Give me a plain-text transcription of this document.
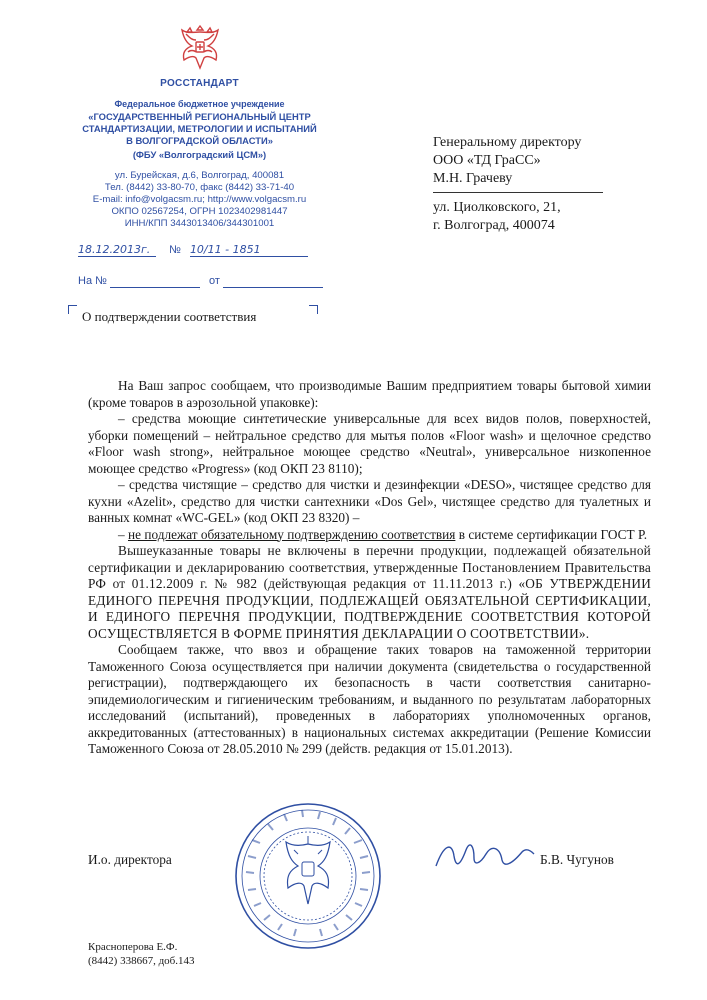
РОССТАНДАРТ
Федеральное бюджетное учреждение
«ГОСУДАРСТВЕННЫЙ РЕГИОНАЛЬНЫЙ ЦЕНТР
СТАНДАРТИЗАЦИИ, МЕТРОЛОГИИ И ИСПЫТАНИЙ
В ВОЛГОГРАДСКОЙ ОБЛАСТИ»
(ФБУ «Волгоградский ЦСМ»)
ул. Бурейская, д.6, Волгоград, 400081
Тел. (8442) 33-80-70, факс (8442) 33-71-40
E-mail: info@volgacsm.ru; http://www.volgacsm.ru
ОКПО 02567254, ОГРН 1023402981447
ИНН/КПП 3443013406/344301001
18.12.2013г. № 10/11 - 1851
На №	от
О подтверждении соответствия
Генеральному директору
ООО «ТД ГраСС»
М.Н. Грачеву
ул. Циолковского, 21,
г. Волгоград, 400074

На Ваш запрос сообщаем, что производимые Вашим предприятием товары бытовой химии (кроме товаров в аэрозольной упаковке):

– средства моющие синтетические универсальные для всех видов полов, поверхностей, уборки помещений – нейтральное средство для мытья полов «Floor wash» и щелочное средство «Floor wash strong», нейтральное моющее средство «Neutral», универсальное низкопенное моющее средство «Progress» (код ОКП 23 8110);

– средства чистящие – средство для чистки и дезинфекции «DESO», чистящее средство для кухни «Azelit», средство для чистки сантехники «Dos Gel», чистящее средство для туалетных и ванных комнат «WC-GEL» (код ОКП 23 8320) –

– не подлежат обязательному подтверждению соответствия в системе сертификации ГОСТ Р.

Вышеуказанные товары не включены в перечни продукции, подлежащей обязательной сертификации и декларированию соответствия, утвержденные Постановлением Правительства РФ от 01.12.2009 г. № 982 (действующая редакция от 11.11.2013 г.) «ОБ УТВЕРЖДЕНИИ ЕДИНОГО ПЕРЕЧНЯ ПРОДУКЦИИ, ПОДЛЕЖАЩЕЙ ОБЯЗАТЕЛЬНОЙ СЕРТИФИКАЦИИ, И ЕДИНОГО ПЕРЕЧНЯ ПРОДУКЦИИ, ПОДТВЕРЖДЕНИЕ СООТВЕТСТВИЯ КОТОРОЙ ОСУЩЕСТВЛЯЕТСЯ В ФОРМЕ ПРИНЯТИЯ ДЕКЛАРАЦИИ О СООТВЕТСТВИИ».

Сообщаем также, что ввоз и обращение таких товаров на таможенной территории Таможенного Союза осуществляется при наличии документа (свидетельства о государственной регистрации), подтверждающего их безопасность в части соответствия санитарно-эпидемиологическим и гигиеническим требованиям, и выданного по результатам лабораторных исследований (испытаний), проведенных в лабораториях уполномоченных органов, аккредитованных (аттестованных) в национальных системах аккредитации (Решение Комиссии Таможенного Союза от 28.05.2010 № 299 (действ. редакция от 15.01.2013).

И.о. директора	Б.В. Чугунов
Красноперова Е.Ф.
(8442) 338667, доб.143
